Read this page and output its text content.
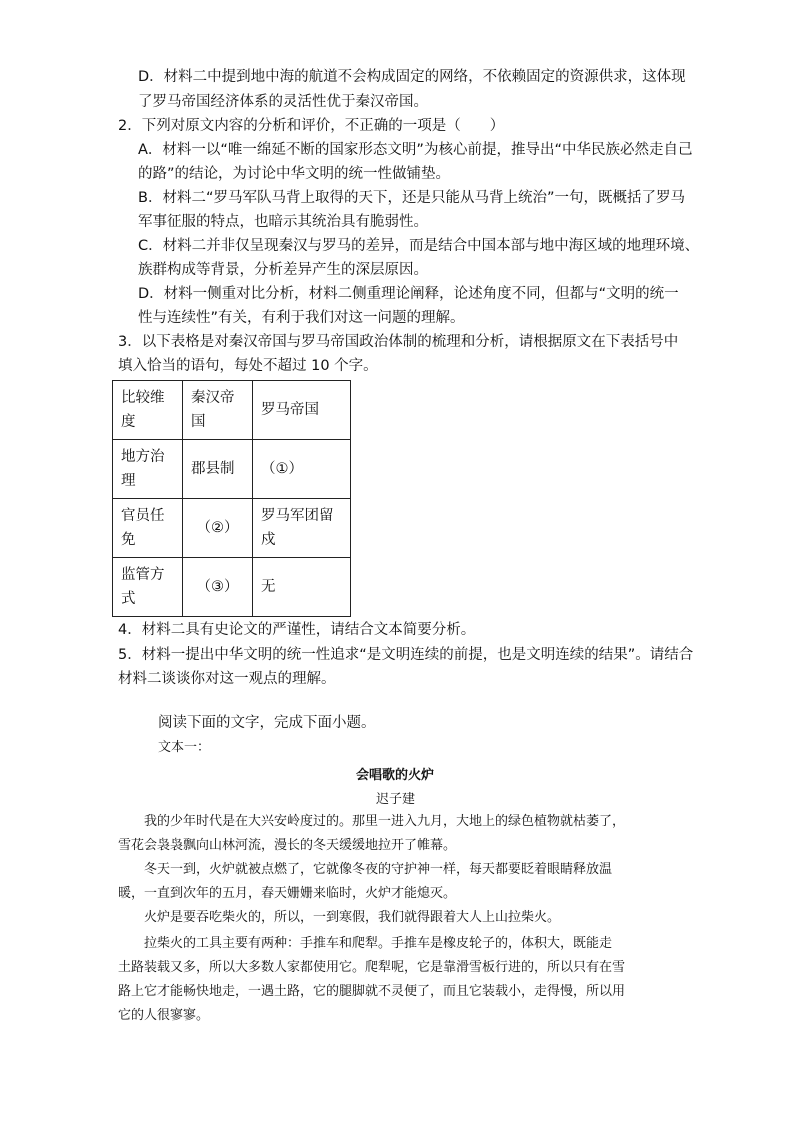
D．材料二中提到地中海的航道不会构成固定的网络，不依赖固定的资源供求，这体现
了罗马帝国经济体系的灵活性优于秦汉帝国。
2．下列对原文内容的分析和评价，不正确的一项是（　　）
A．材料一以“唯一绵延不断的国家形态文明”为核心前提，推导出“中华民族必然走自己
的路”的结论，为讨论中华文明的统一性做铺垫。
B．材料二“罗马军队马背上取得的天下，还是只能从马背上统治”一句，既概括了罗马
军事征服的特点，也暗示其统治具有脆弱性。
C．材料二并非仅呈现秦汉与罗马的差异，而是结合中国本部与地中海区域的地理环境、
族群构成等背景，分析差异产生的深层原因。
D．材料一侧重对比分析，材料二侧重理论阐释，论述角度不同，但都与“文明的统一
性与连续性”有关，有利于我们对这一问题的理解。
3．以下表格是对秦汉帝国与罗马帝国政治体制的梳理和分析，请根据原文在下表括号中
填入恰当的语句，每处不超过 10 个字。
比较维度	秦汉帝国	罗马帝国
地方治理	郡县制	（①）
官员任免	（②）	罗马军团留戍
监管方式	（③）	无
4．材料二具有史论文的严谨性，请结合文本简要分析。
5．材料一提出中华文明的统一性追求“是文明连续的前提，也是文明连续的结果”。请结合
材料二谈谈你对这一观点的理解。
阅读下面的文字，完成下面小题。
文本一：
会唱歌的火炉
迟子建
我的少年时代是在大兴安岭度过的。那里一进入九月，大地上的绿色植物就枯萎了，
雪花会袅袅飘向山林河流，漫长的冬天缓缓地拉开了帷幕。
冬天一到，火炉就被点燃了，它就像冬夜的守护神一样，每天都要眨着眼睛释放温
暖，一直到次年的五月，春天姗姗来临时，火炉才能熄灭。
火炉是要吞吃柴火的，所以，一到寒假，我们就得跟着大人上山拉柴火。
拉柴火的工具主要有两种：手推车和爬犁。手推车是橡皮轮子的，体积大，既能走
土路装载又多，所以大多数人家都使用它。爬犁呢，它是靠滑雪板行进的，所以只有在雪
路上它才能畅快地走，一遇土路，它的腿脚就不灵便了，而且它装载小，走得慢，所以用
它的人很寥寥。
